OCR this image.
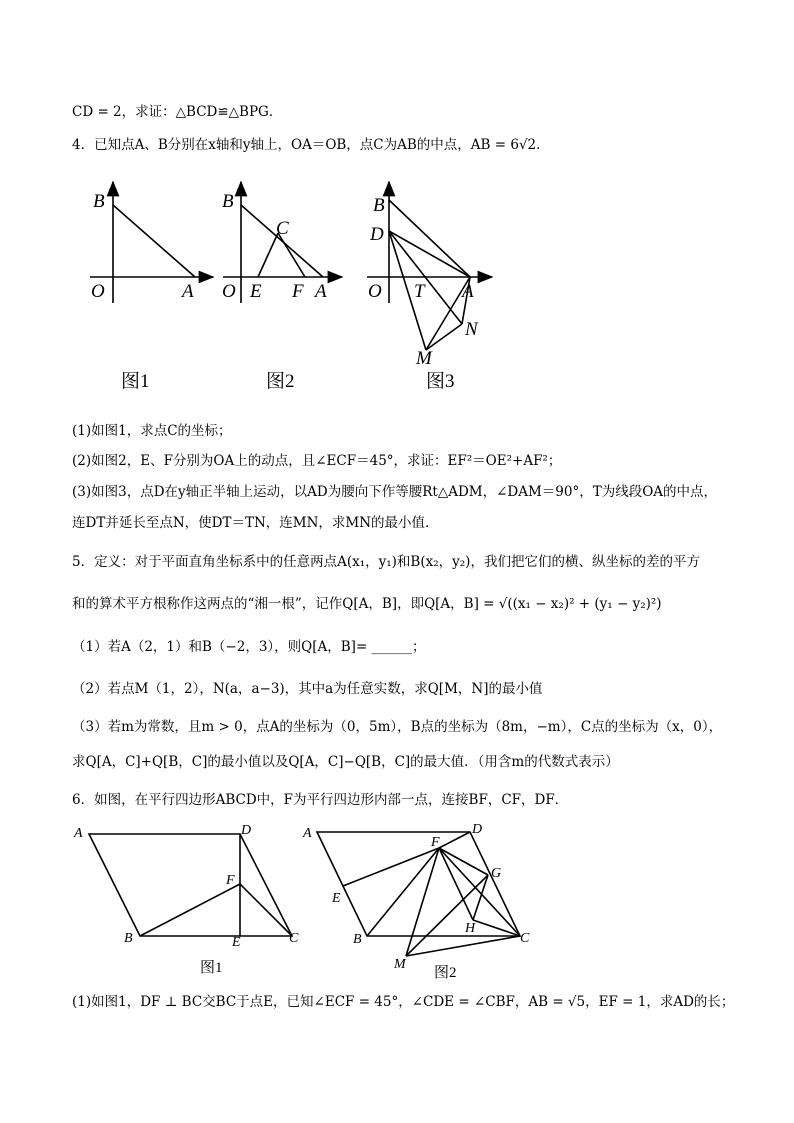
CD = 2，求证：△BCD≌△BPG．
4．已知点A、B分别在x轴和y轴上，OA＝OB，点C为AB的中点，AB = 6√2．
B
O	A
图1
B
C
O E F A
图2
B
D
O T A
N
M
图3
(1)如图1，求点C的坐标；
(2)如图2，E、F分别为OA上的动点，且∠ECF＝45°，求证：EF²＝OE²+AF²；
(3)如图3，点D在y轴正半轴上运动，以AD为腰向下作等腰Rt△ADM，∠DAM＝90°，T为线段OA的中点，
连DT并延长至点N，使DT＝TN，连MN，求MN的最小值．
5．定义：对于平面直角坐标系中的任意两点A(x₁，y₁)和B(x₂，y₂)，我们把它们的横、纵坐标的差的平方
和的算术平方根称作这两点的“湘一根”，记作Q[A，B]，即Q[A，B] = √((x₁ − x₂)² + (y₁ − y₂)²)
（1）若A（2，1）和B（−2，3），则Q[A，B]= ______；
（2）若点M（1，2），N(a，a−3)，其中a为任意实数，求Q[M，N]的最小值
（3）若m为常数，且m > 0，点A的坐标为（0，5m），B点的坐标为（8m，−m），C点的坐标为（x，0），
求Q[A，C]+Q[B，C]的最小值以及Q[A，C]−Q[B，C]的最大值．（用含m的代数式表示）
6．如图，在平行四边形ABCD中，F为平行四边形内部一点，连接BF，CF，DF．
A	D
F
B	E	C
图1
A	D
F
E
G
B
H
C
M
图2
(1)如图1，DF ⊥ BC交BC于点E，已知∠ECF = 45°，∠CDE = ∠CBF，AB = √5，EF = 1，求AD的长；
